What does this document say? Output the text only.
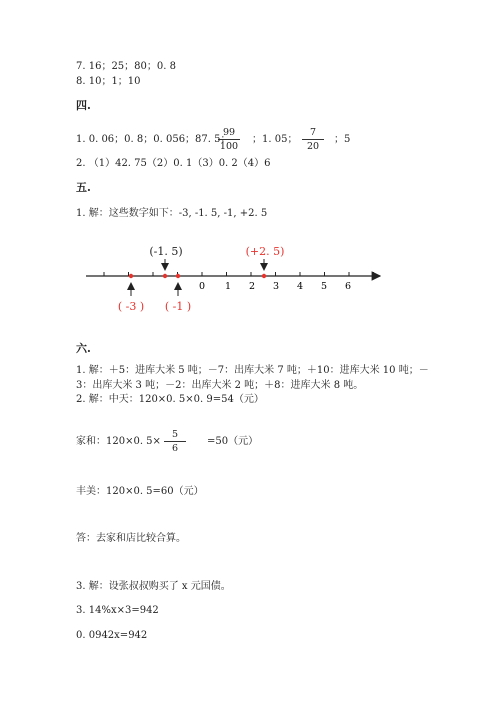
7. 16；25；80；0. 8
8. 10；1；10
四.
1. 0. 06；0. 8；0. 056；87. 5；
99
100
；1. 05；
7
20
；5
2. （1）42. 75（2）0. 1（3）0. 2（4）6
五.
1. 解：这些数字如下：-3, -1. 5, -1, +2. 5
0 1 2 3 4 5 6
(-1. 5)	(+2. 5)
( -3 ) ( -1 )
六.
1. 解：＋5：进库大米 5 吨；－7：出库大米 7 吨；＋10：进库大米 10 吨；－
3：出库大米 3 吨；－2：出库大米 2 吨；＋8：进库大米 8 吨。
2. 解：中天：120×0. 5×0. 9=54（元）
家和：120×0. 5×
5
6
=50（元）
丰美：120×0. 5=60（元）
答：去家和店比较合算。
3. 解：设张叔叔购买了 x 元国债。
3. 14%x×3=942
0. 0942x=942
